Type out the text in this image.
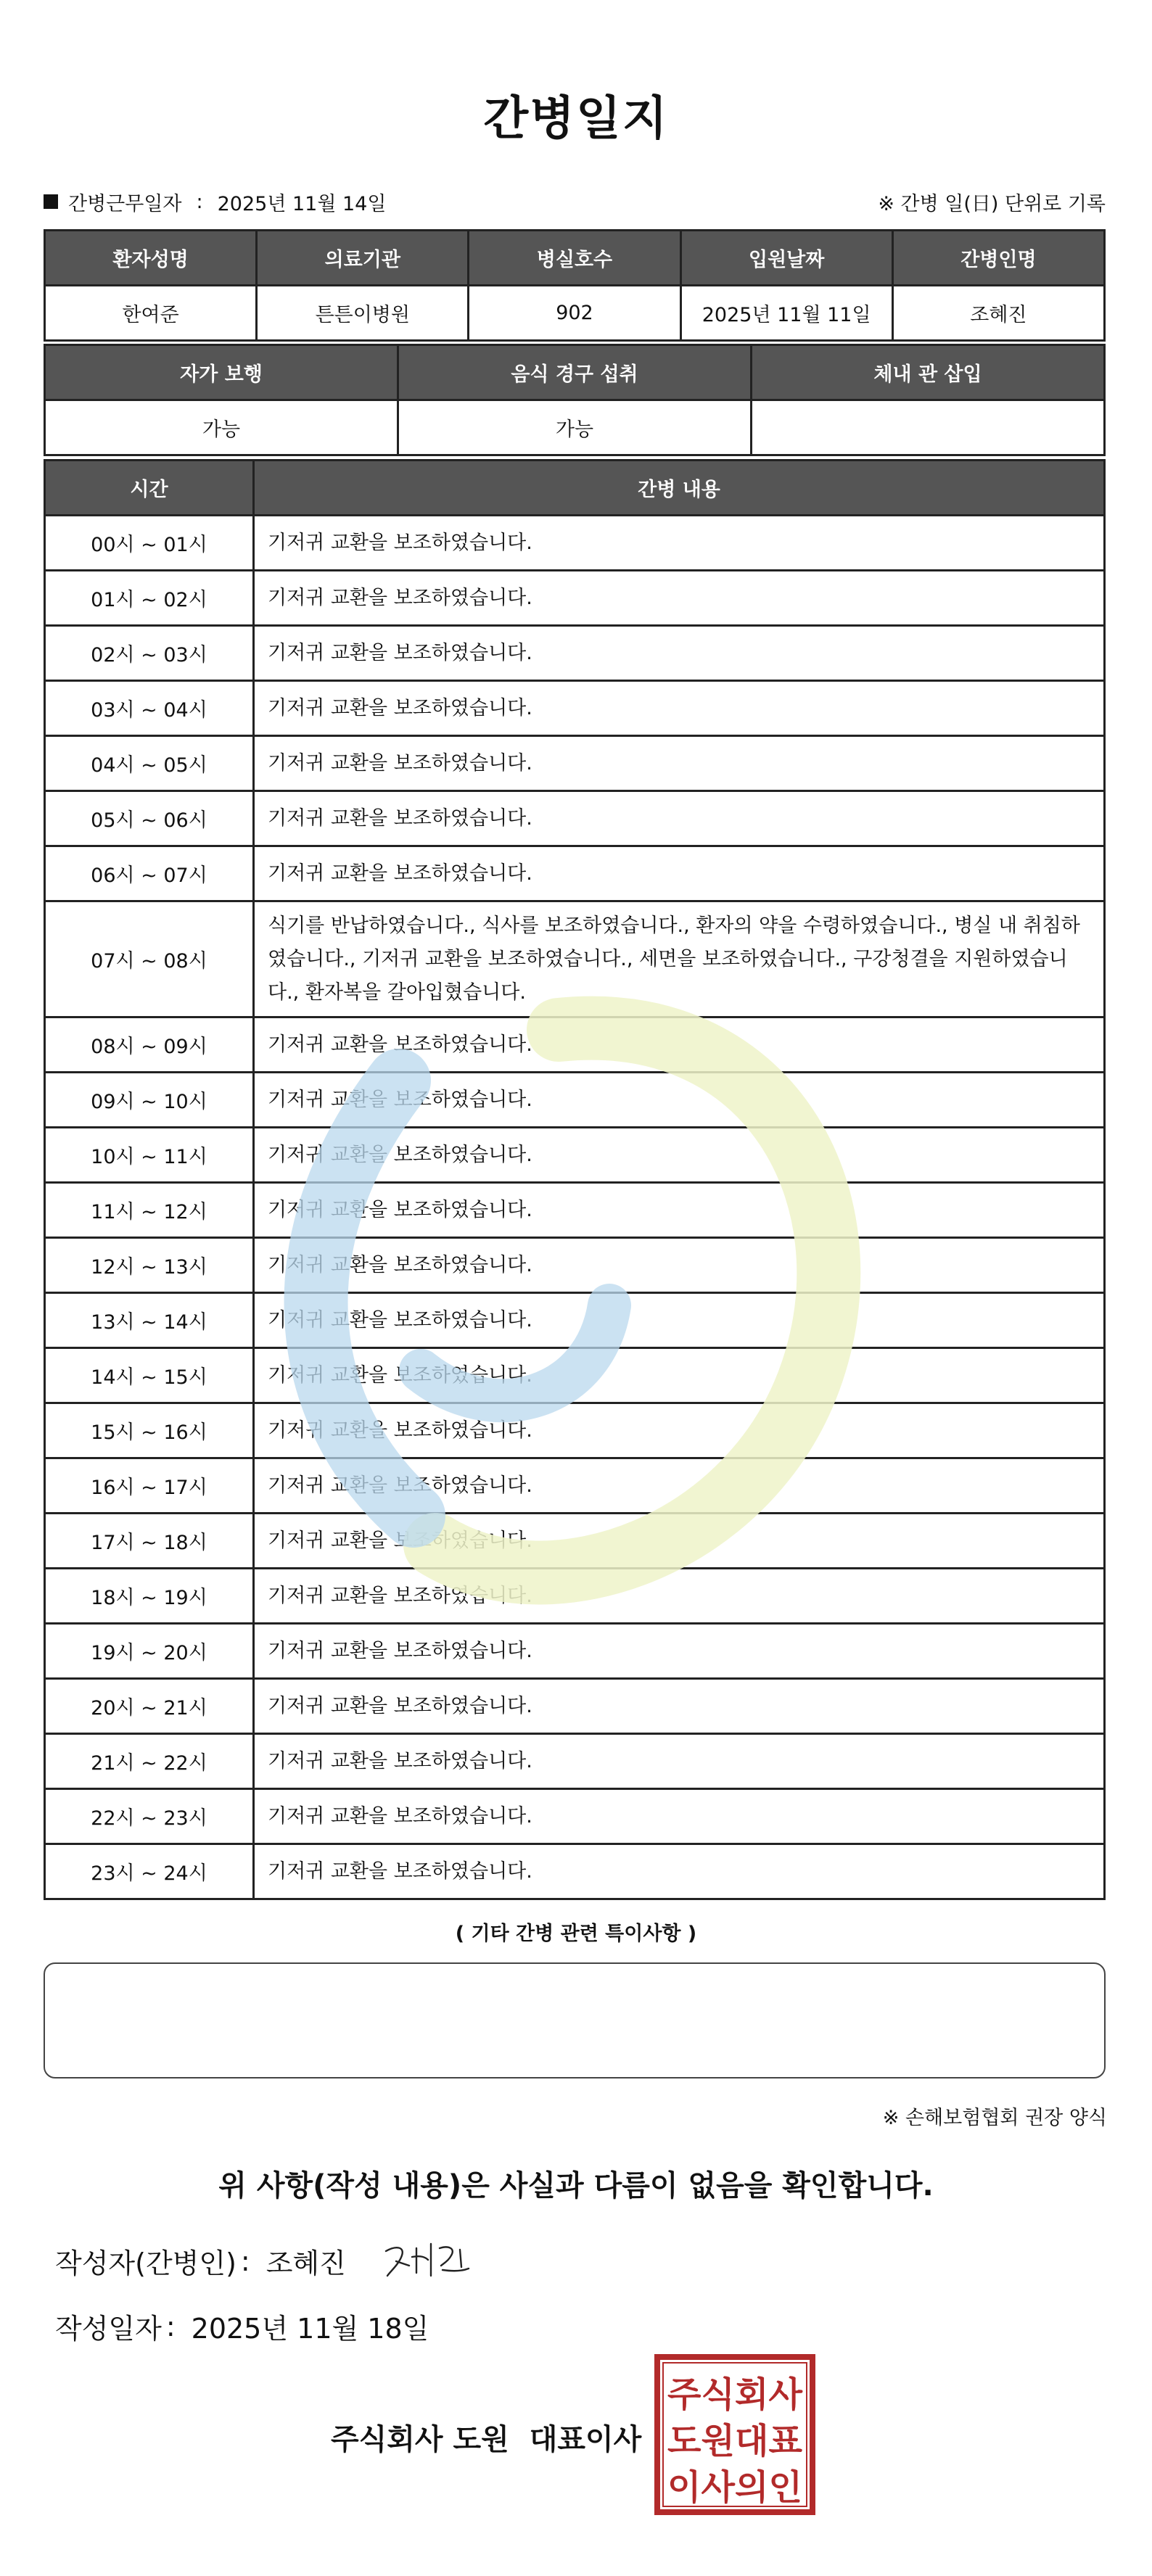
간병일지
간병근무일자 : 2025년 11월 14일	※ 간병 일(日) 단위로 기록
환자성명	의료기관	병실호수	입원날짜	간병인명
한여준	튼튼이병원	902	2025년 11월 11일	조혜진
자가 보행	음식 경구 섭취	체내 관 삽입
가능	가능	
시간	간병 내용
00시 ~ 01시	기저귀 교환을 보조하였습니다.
01시 ~ 02시	기저귀 교환을 보조하였습니다.
02시 ~ 03시	기저귀 교환을 보조하였습니다.
03시 ~ 04시	기저귀 교환을 보조하였습니다.
04시 ~ 05시	기저귀 교환을 보조하였습니다.
05시 ~ 06시	기저귀 교환을 보조하였습니다.
06시 ~ 07시	기저귀 교환을 보조하였습니다.
07시 ~ 08시	식기를 반납하였습니다., 식사를 보조하였습니다., 환자의 약을 수령하였습니다., 병실 내 취침하였습니다., 기저귀 교환을 보조하였습니다., 세면을 보조하였습니다., 구강청결을 지원하였습니다., 환자복을 갈아입혔습니다.
08시 ~ 09시	기저귀 교환을 보조하였습니다.
09시 ~ 10시	기저귀 교환을 보조하였습니다.
10시 ~ 11시	기저귀 교환을 보조하였습니다.
11시 ~ 12시	기저귀 교환을 보조하였습니다.
12시 ~ 13시	기저귀 교환을 보조하였습니다.
13시 ~ 14시	기저귀 교환을 보조하였습니다.
14시 ~ 15시	기저귀 교환을 보조하였습니다.
15시 ~ 16시	기저귀 교환을 보조하였습니다.
16시 ~ 17시	기저귀 교환을 보조하였습니다.
17시 ~ 18시	기저귀 교환을 보조하였습니다.
18시 ~ 19시	기저귀 교환을 보조하였습니다.
19시 ~ 20시	기저귀 교환을 보조하였습니다.
20시 ~ 21시	기저귀 교환을 보조하였습니다.
21시 ~ 22시	기저귀 교환을 보조하였습니다.
22시 ~ 23시	기저귀 교환을 보조하였습니다.
23시 ~ 24시	기저귀 교환을 보조하였습니다.
( 기타 간병 관련 특이사항 )
※ 손해보험협회 권장 양식
위 사항(작성 내용)은 사실과 다름이 없음을 확인합니다.
작성자(간병인) : 조혜진
작성일자 : 2025년 11월 18일
주식회사 도원 대표이사
주식회사
도원대표
이사의인
